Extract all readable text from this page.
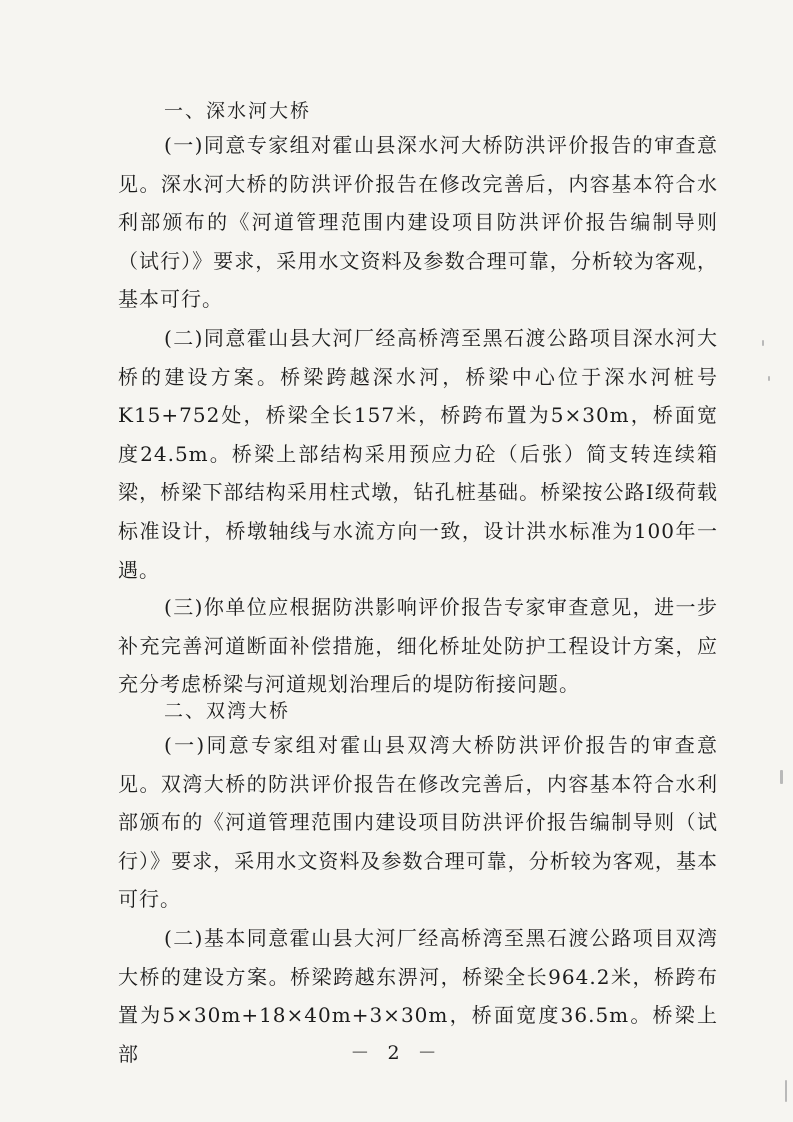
一、深水河大桥

(一)同意专家组对霍山县深水河大桥防洪评价报告的审查意见。深水河大桥的防洪评价报告在修改完善后，内容基本符合水利部颁布的《河道管理范围内建设项目防洪评价报告编制导则（试行）》要求，采用水文资料及参数合理可靠，分析较为客观，基本可行。

(二)同意霍山县大河厂经高桥湾至黑石渡公路项目深水河大桥的建设方案。桥梁跨越深水河，桥梁中心位于深水河桩号K15+752处，桥梁全长157米，桥跨布置为5×30m，桥面宽度24.5m。桥梁上部结构采用预应力砼（后张）简支转连续箱梁，桥梁下部结构采用柱式墩，钻孔桩基础。桥梁按公路Ⅰ级荷载标准设计，桥墩轴线与水流方向一致，设计洪水标准为100年一遇。

(三)你单位应根据防洪影响评价报告专家审查意见，进一步补充完善河道断面补偿措施，细化桥址处防护工程设计方案，应充分考虑桥梁与河道规划治理后的堤防衔接问题。

二、双湾大桥

(一)同意专家组对霍山县双湾大桥防洪评价报告的审查意见。双湾大桥的防洪评价报告在修改完善后，内容基本符合水利部颁布的《河道管理范围内建设项目防洪评价报告编制导则（试行）》要求，采用水文资料及参数合理可靠，分析较为客观，基本可行。

(二)基本同意霍山县大河厂经高桥湾至黑石渡公路项目双湾大桥的建设方案。桥梁跨越东淠河，桥梁全长964.2米，桥跨布置为5×30m+18×40m+3×30m，桥面宽度36.5m。桥梁上部	－ 2 －
